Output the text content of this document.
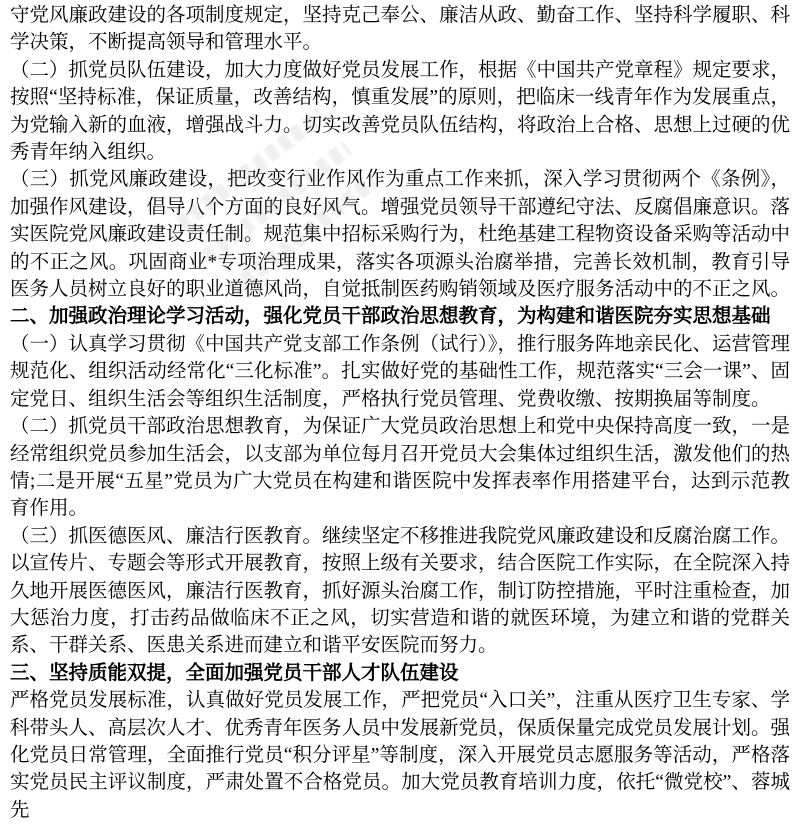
守党风廉政建设的各项制度规定，坚持克己奉公、廉洁从政、勤奋工作、坚持科学履职、科学决策，不断提高领导和管理水平。

（二）抓党员队伍建设，加大力度做好党员发展工作，根据《中国共产党章程》规定要求，按照“坚持标准，保证质量，改善结构，慎重发展”的原则，把临床一线青年作为发展重点，为党输入新的血液，增强战斗力。切实改善党员队伍结构，将政治上合格、思想上过硬的优秀青年纳入组织。

（三）抓党风廉政建设，把改变行业作风作为重点工作来抓，深入学习贯彻两个《条例》，加强作风建设，倡导八个方面的良好风气。增强党员领导干部遵纪守法、反腐倡廉意识。落实医院党风廉政建设责任制。规范集中招标采购行为，杜绝基建工程物资设备采购等活动中的不正之风。巩固商业*专项治理成果，落实各项源头治腐举措，完善长效机制，教育引导医务人员树立良好的职业道德风尚，自觉抵制医药购销领域及医疗服务活动中的不正之风。

二、加强政治理论学习活动，强化党员干部政治思想教育，为构建和谐医院夯实思想基础

（一）认真学习贯彻《中国共产党支部工作条例（试行）》，推行服务阵地亲民化、运营管理规范化、组织活动经常化“三化标准”。扎实做好党的基础性工作，规范落实“三会一课”、固定党日、组织生活会等组织生活制度，严格执行党员管理、党费收缴、按期换届等制度。

（二）抓党员干部政治思想教育，为保证广大党员政治思想上和党中央保持高度一致，一是经常组织党员参加生活会，以支部为单位每月召开党员大会集体过组织生活，激发他们的热情;二是开展“五星”党员为广大党员在构建和谐医院中发挥表率作用搭建平台，达到示范教育作用。

（三）抓医德医风、廉洁行医教育。继续坚定不移推进我院党风廉政建设和反腐治腐工作。以宣传片、专题会等形式开展教育，按照上级有关要求，结合医院工作实际，在全院深入持久地开展医德医风，廉洁行医教育，抓好源头治腐工作，制订防控措施，平时注重检查，加大惩治力度，打击药品做临床不正之风，切实营造和谐的就医环境，为建立和谐的党群关系、干群关系、医患关系进而建立和谐平安医院而努力。

三、坚持质能双提，全面加强党员干部人才队伍建设

严格党员发展标准，认真做好党员发展工作，严把党员“入口关”，注重从医疗卫生专家、学科带头人、高层次人才、优秀青年医务人员中发展新党员，保质保量完成党员发展计划。强化党员日常管理，全面推行党员“积分评星”等制度，深入开展党员志愿服务等活动，严格落实党员民主评议制度，严肃处置不合格党员。加大党员教育培训力度，依托“微党校”、蓉城先
